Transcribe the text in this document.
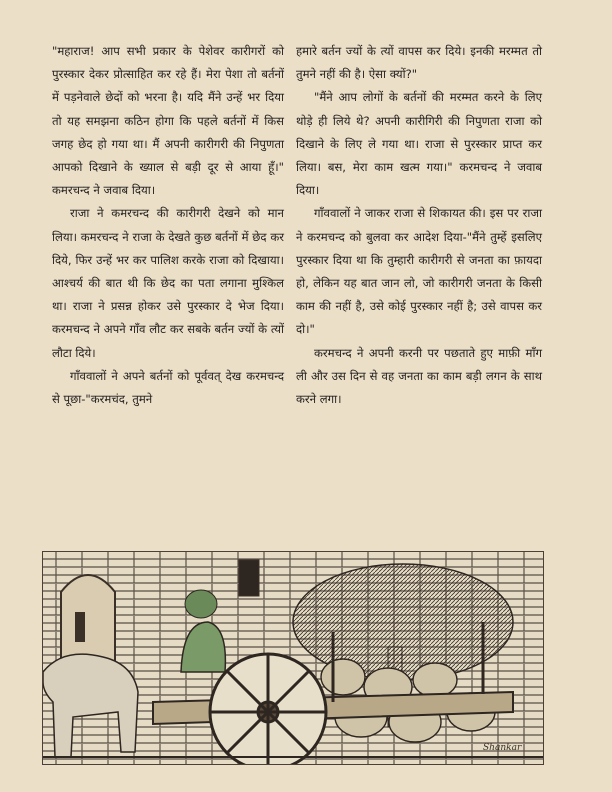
"महाराज! आप सभी प्रकार के पेशेवर कारीगरों को पुरस्कार देकर प्रोत्साहित कर रहे हैं। मेरा पेशा तो बर्तनों में पड़नेवाले छेदों को भरना है। यदि मैंने उन्हें भर दिया तो यह समझना कठिन होगा कि पहले बर्तनों में किस जगह छेद हो गया था। मैं अपनी कारीगरी की निपुणता आपको दिखाने के ख्याल से बड़ी दूर से आया हूँ।" कमरचन्द ने जवाब दिया।

राजा ने कमरचन्द की कारीगरी देखने को मान लिया। कमरचन्द ने राजा के देखते कुछ बर्तनों में छेद कर दिये, फिर उन्हें भर कर पालिश करके राजा को दिखाया। आश्चर्य की बात थी कि छेद का पता लगाना मुश्किल था। राजा ने प्रसन्न होकर उसे पुरस्कार दे भेज दिया। करमचन्द ने अपने गाँव लौट कर सबके बर्तन ज्यों के त्यों लौटा दिये।

गाँववालों ने अपने बर्तनों को पूर्ववत् देख करमचन्द से पूछा-"करमचंद, तुमने

हमारे बर्तन ज्यों के त्यों वापस कर दिये। इनकी मरम्मत तो तुमने नहीं की है। ऐसा क्यों?"

"मैंने आप लोगों के बर्तनों की मरम्मत करने के लिए थोड़े ही लिये थे? अपनी कारीगिरी की निपुणता राजा को दिखाने के लिए ले गया था। राजा से पुरस्कार प्राप्त कर लिया। बस, मेरा काम खत्म गया।" करमचन्द ने जवाब दिया।

गाँववालों ने जाकर राजा से शिकायत की। इस पर राजा ने करमचन्द को बुलवा कर आदेश दिया-"मैंने तुम्हें इसलिए पुरस्कार दिया था कि तुम्हारी कारीगरी से जनता का फ़ायदा हो, लेकिन यह बात जान लो, जो कारीगरी जनता के किसी काम की नहीं है, उसे कोई पुरस्कार नहीं है; उसे वापस कर दो।"

करमचन्द ने अपनी करनी पर पछताते हुए माफ़ी माँग ली और उस दिन से वह जनता का काम बड़ी लगन के साथ करने लगा।

Shankar
